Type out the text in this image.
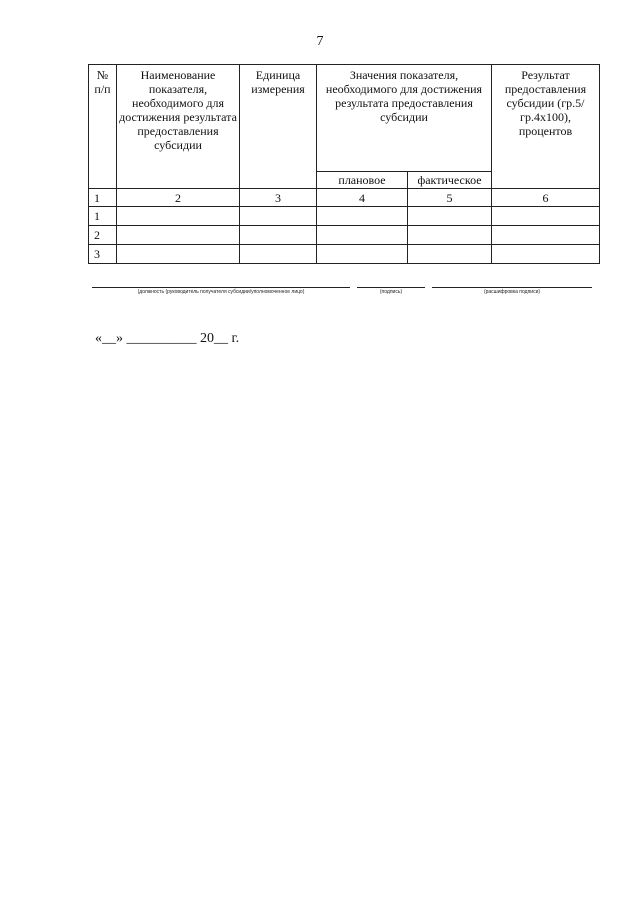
7
№ п/п	Наименование показателя, необходимого для достижения результата предоставления субсидии	Единица измерения	Значения показателя, необходимого для достижения результата предоставления субсидии		Результат предоставления субсидии (гр.5/гр.4х100), процентов
			плановое	фактическое	
1	2	3	4	5	6
1					
2					
3					
(должность (руководитель получателя субсидии/уполномоченное лицо)	(подпись)	(расшифровка подписи)
«__» __________ 20__ г.
